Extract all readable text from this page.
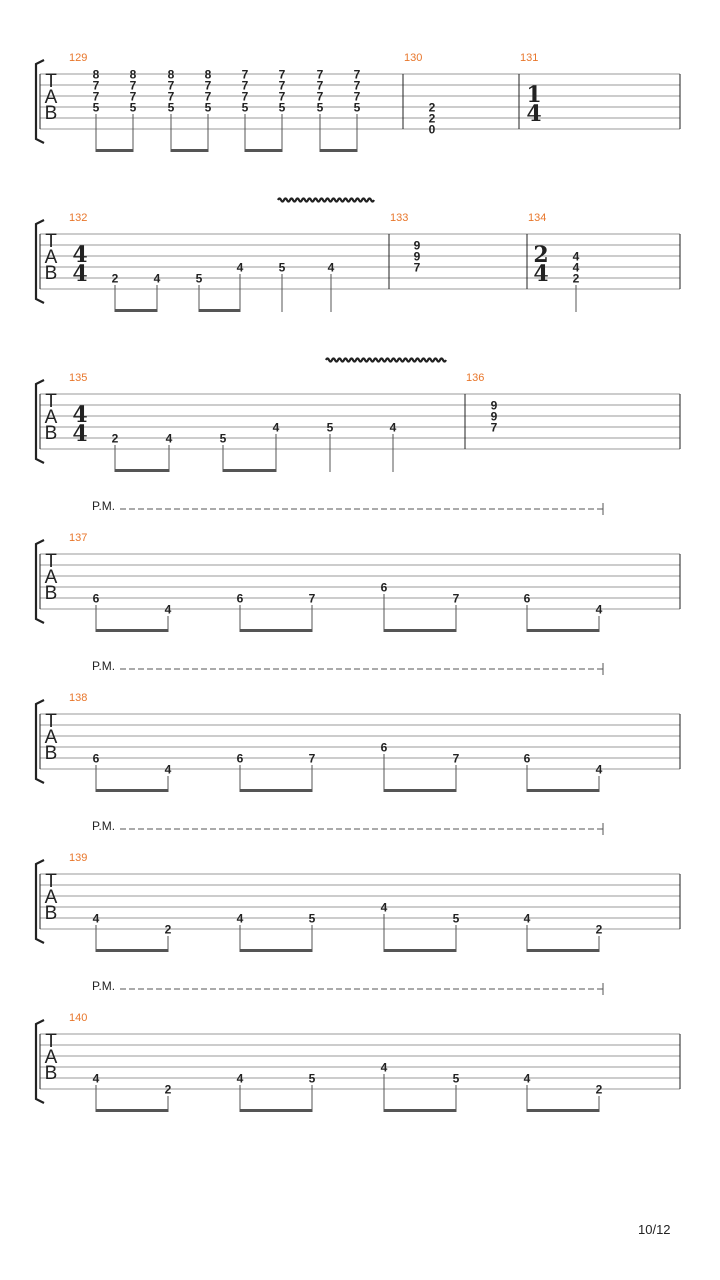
T
A
B
129
8
7
7
5
8
7
7
5
8
7
7
5
8
7
7
5
7
7
7
5
7
7
7
5
7
7
7
5
7
7
7
5
130
2
2
0
131
1
4
T
A
B
132
4
4 2	4	5
4	5	4
133
9
9
7
134
2
4
4
4
2
T
A
B
135
4
4 2	4	5
4	5	4
136
9
9
7
T
A
B
P.M.
137
6
4
6	7
6
7	6
4
T
A
B
P.M.
138
6
4
6	7
6
7	6
4
T
A
B
P.M.
139
4
2
4	5
4
5	4
2
T
A
B
P.M.
140
4
2
4	5
4
5	4
2
10/12
